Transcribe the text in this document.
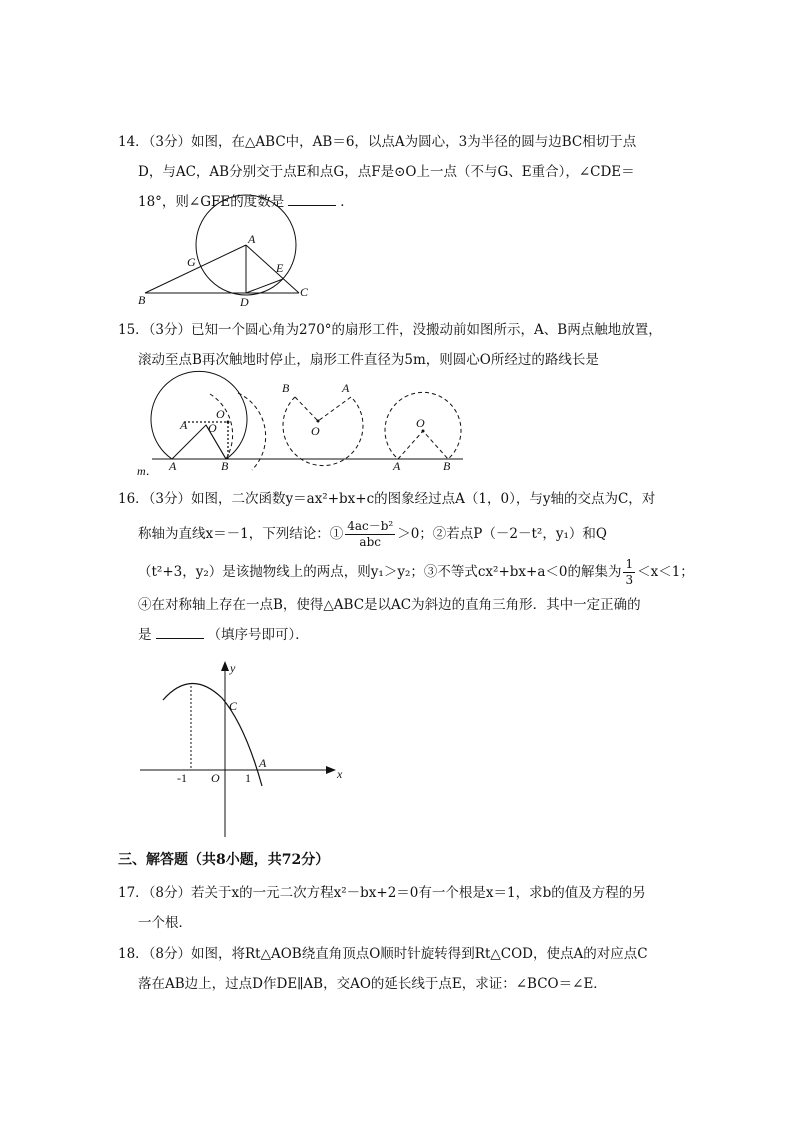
14．（3分）如图，在△ABC中，AB＝6，以点A为圆心，3为半径的圆与边BC相切于点
D，与AC，AB分别交于点E和点G，点F是⊙O上一点（不与G、E重合），∠CDE＝
18°，则∠GFE的度数是	．
A
B
C
D
E
G
15．（3分）已知一个圆心角为270°的扇形工件，没搬动前如图所示，A、B两点触地放置，
滚动至点B再次触地时停止，扇形工件直径为5m，则圆心O所经过的路线长是
m． A	B
O
O
A
B	A
O
O
A	B
16．（3分）如图，二次函数y＝ax²+bx+c的图象经过点A（1，0），与y轴的交点为C，对
称轴为直线x＝－1，下列结论：① $\frac{\text{4ac－b²}}{\text{abc}} >0$；②若点P（－2－t²，y₁）和Q
（t²+3，y₂）是该抛物线上的两点，则y₁＞y₂；③不等式cx²+bx+a＜0的解集为 $\frac{1}{3} <x<1$；
④在对称轴上存在一点B，使得△ABC是以AC为斜边的直角三角形．其中一定正确的
是	（填序号即可）．
y
x
C
A
O
-1	1
三、解答题（共8小题，共72分）
17．（8分）若关于x的一元二次方程x²－bx+2＝0有一个根是x＝1，求b的值及方程的另
一个根．
18．（8分）如图，将Rt△AOB绕直角顶点O顺时针旋转得到Rt△COD，使点A的对应点C
落在AB边上，过点D作DE∥AB，交AO的延长线于点E，求证：∠BCO＝∠E．
